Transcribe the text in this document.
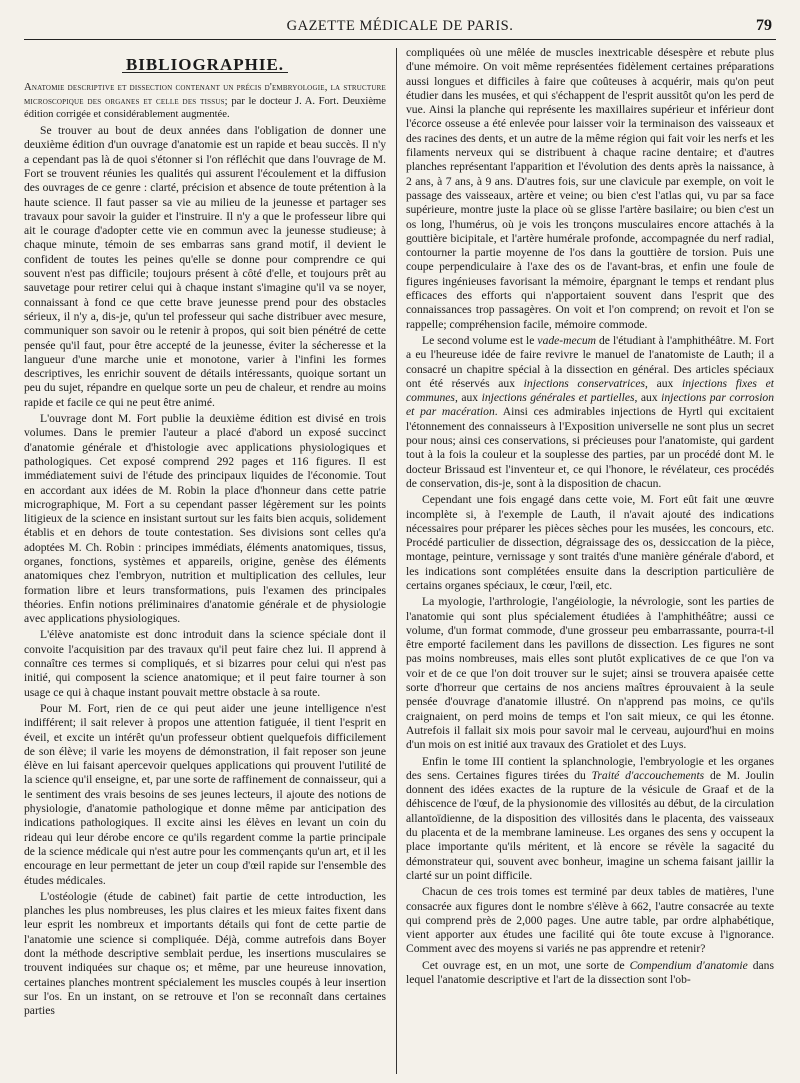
GAZETTE MÉDICALE DE PARIS.	79
BIBLIOGRAPHIE.

Anatomie descriptive et dissection contenant un précis d'embryologie, la structure microscopique des organes et celle des tissus; par le docteur J. A. Fort. Deuxième édition corrigée et considérablement augmentée.

Se trouver au bout de deux années dans l'obligation de donner une deuxième édition d'un ouvrage d'anatomie est un rapide et beau succès. Il n'y a cependant pas là de quoi s'étonner si l'on réfléchit que dans l'ouvrage de M. Fort se trouvent réunies les qualités qui assurent l'écoulement et la diffusion des ouvrages de ce genre : clarté, précision et absence de toute prétention à la haute science. Il faut passer sa vie au milieu de la jeunesse et partager ses travaux pour savoir la guider et l'instruire. Il n'y a que le professeur libre qui ait le courage d'adopter cette vie en commun avec la jeunesse studieuse; à chaque minute, témoin de ses embarras sans grand motif, il devient le confident de toutes les peines qu'elle se donne pour comprendre ce qui souvent n'est pas difficile; toujours présent à côté d'elle, et toujours prêt au sauvetage pour retirer celui qui à chaque instant s'imagine qu'il va se noyer, connaissant à fond ce que cette brave jeunesse prend pour des obstacles sérieux, il n'y a, dis-je, qu'un tel professeur qui sache distribuer avec mesure, communiquer son savoir ou le retenir à propos, qui soit bien pénétré de cette pensée qu'il faut, pour être accepté de la jeunesse, éviter la sécheresse et la langueur d'une marche unie et monotone, varier à l'infini les formes descriptives, les enrichir souvent de détails intéressants, quoique sortant un peu du sujet, répandre en quelque sorte un peu de chaleur, et rendre au moins rapide et facile ce qui ne peut être animé.

L'ouvrage dont M. Fort publie la deuxième édition est divisé en trois volumes. Dans le premier l'auteur a placé d'abord un exposé succinct d'anatomie générale et d'histologie avec applications physiologiques et pathologiques. Cet exposé comprend 292 pages et 116 figures. Il est immédiatement suivi de l'étude des principaux liquides de l'économie. Tout en accordant aux idées de M. Robin la place d'honneur dans cette patrie micrographique, M. Fort a su cependant passer légèrement sur les points litigieux de la science en insistant surtout sur les faits bien acquis, solidement établis et en dehors de toute contestation. Ses divisions sont celles qu'a adoptées M. Ch. Robin : principes immédiats, éléments anatomiques, tissus, organes, fonctions, systèmes et appareils, origine, genèse des éléments anatomiques chez l'embryon, nutrition et multiplication des cellules, leur formation libre et leurs transformations, puis l'examen des principales théories. Enfin notions préliminaires d'anatomie générale et de physiologie avec applications physiologiques.

L'élève anatomiste est donc introduit dans la science spéciale dont il convoite l'acquisition par des travaux qu'il peut faire chez lui. Il apprend à connaître ces termes si compliqués, et si bizarres pour celui qui n'est pas initié, qui composent la science anatomique; et il peut faire tourner à son usage ce qui à chaque instant pouvait mettre obstacle à sa route.

Pour M. Fort, rien de ce qui peut aider une jeune intelligence n'est indifférent; il sait relever à propos une attention fatiguée, il tient l'esprit en éveil, et excite un intérêt qu'un professeur obtient quelquefois difficilement de son élève; il varie les moyens de démonstration, il fait reposer son jeune élève en lui faisant apercevoir quelques applications qui prouvent l'utilité de la science qu'il enseigne, et, par une sorte de raffinement de connaisseur, qui a le sentiment des vrais besoins de ses jeunes lecteurs, il ajoute des notions de physiologie, d'anatomie pathologique et donne même par anticipation des indications pathologiques. Il excite ainsi les élèves en levant un coin du rideau qui leur dérobe encore ce qu'ils regardent comme la partie principale de la science médicale qui n'est autre pour les commençants qu'un art, et il les encourage en leur permettant de jeter un coup d'œil rapide sur l'ensemble des études médicales.

L'ostéologie (étude de cabinet) fait partie de cette introduction, les planches les plus nombreuses, les plus claires et les mieux faites fixent dans leur esprit les nombreux et importants détails qui font de cette partie de l'anatomie une science si compliquée. Déjà, comme autrefois dans Boyer dont la méthode descriptive semblait perdue, les insertions musculaires se trouvent indiquées sur chaque os; et même, par une heureuse innovation, certaines planches montrent spécialement les muscles coupés à leur insertion sur l'os. En un instant, on se retrouve et l'on se reconnaît dans certaines parties

compliquées où une mêlée de muscles inextricable désespère et rebute plus d'une mémoire. On voit même représentées fidèlement certaines préparations aussi longues et difficiles à faire que coûteuses à acquérir, mais qu'on peut étudier dans les musées, et qui s'échappent de l'esprit aussitôt qu'on les perd de vue. Ainsi la planche qui représente les maxillaires supérieur et inférieur dont l'écorce osseuse a été enlevée pour laisser voir la terminaison des vaisseaux et des racines des dents, et un autre de la même région qui fait voir les nerfs et les filaments nerveux qui se distribuent à chaque racine dentaire; et d'autres planches représentant l'apparition et l'évolution des dents après la naissance, à 2 ans, à 7 ans, à 9 ans. D'autres fois, sur une clavicule par exemple, on voit le passage des vaisseaux, artère et veine; ou bien c'est l'atlas qui, vu par sa face supérieure, montre juste la place où se glisse l'artère basilaire; ou bien c'est un os long, l'humérus, où je vois les tronçons musculaires encore attachés à la gouttière bicipitale, et l'artère humérale profonde, accompagnée du nerf radial, contourner la partie moyenne de l'os dans la gouttière de torsion. Puis une coupe perpendiculaire à l'axe des os de l'avant-bras, et enfin une foule de figures ingénieuses favorisant la mémoire, épargnant le temps et rendant plus efficaces des efforts qui n'apportaient souvent dans l'esprit que des connaissances trop passagères. On voit et l'on comprend; on revoit et l'on se rappelle; compréhension facile, mémoire commode.

Le second volume est le vade-mecum de l'étudiant à l'amphithéâtre. M. Fort a eu l'heureuse idée de faire revivre le manuel de l'anatomiste de Lauth; il a consacré un chapitre spécial à la dissection en général. Des articles spéciaux ont été réservés aux injections conservatrices, aux injections fixes et communes, aux injections générales et partielles, aux injections par corrosion et par macération. Ainsi ces admirables injections de Hyrtl qui excitaient l'étonnement des connaisseurs à l'Exposition universelle ne sont plus un secret pour nous; ainsi ces conservations, si précieuses pour l'anatomiste, qui gardent tout à la fois la couleur et la souplesse des parties, par un procédé dont M. le docteur Brissaud est l'inventeur et, ce qui l'honore, le révélateur, ces procédés de conservation, dis-je, sont à la disposition de chacun.

Cependant une fois engagé dans cette voie, M. Fort eût fait une œuvre incomplète si, à l'exemple de Lauth, il n'avait ajouté des indications nécessaires pour préparer les pièces sèches pour les musées, les concours, etc. Procédé particulier de dissection, dégraissage des os, dessiccation de la pièce, montage, peinture, vernissage y sont traités d'une manière générale d'abord, et les indications sont complétées ensuite dans la description particulière de certains organes spéciaux, le cœur, l'œil, etc.

La myologie, l'arthrologie, l'angéiologie, la névrologie, sont les parties de l'anatomie qui sont plus spécialement étudiées à l'amphithéâtre; aussi ce volume, d'un format commode, d'une grosseur peu embarrassante, pourra-t-il être emporté facilement dans les pavillons de dissection. Les figures ne sont pas moins nombreuses, mais elles sont plutôt explicatives de ce que l'on va voir et de ce que l'on doit trouver sur le sujet; ainsi se trouvera apaisée cette sorte d'horreur que certains de nos anciens maîtres éprouvaient à la seule pensée d'ouvrage d'anatomie illustré. On n'apprend pas moins, ce qu'ils craignaient, on perd moins de temps et l'on sait mieux, ce qui les étonne. Autrefois il fallait six mois pour savoir mal le cerveau, aujourd'hui en moins d'un mois on est initié aux travaux des Gratiolet et des Luys.

Enfin le tome III contient la splanchnologie, l'embryologie et les organes des sens. Certaines figures tirées du Traité d'accouchements de M. Joulin donnent des idées exactes de la rupture de la vésicule de Graaf et de la déhiscence de l'œuf, de la physionomie des villosités au début, de la circulation allantoïdienne, de la disposition des villosités dans le placenta, des vaisseaux du placenta et de la membrane lamineuse. Les organes des sens y occupent la place importante qu'ils méritent, et là encore se révèle la sagacité du démonstrateur qui, souvent avec bonheur, imagine un schema faisant jaillir la clarté sur un point difficile.

Chacun de ces trois tomes est terminé par deux tables de matières, l'une consacrée aux figures dont le nombre s'élève à 662, l'autre consacrée au texte qui comprend près de 2,000 pages. Une autre table, par ordre alphabétique, vient apporter aux études une facilité qui ôte toute excuse à l'ignorance. Comment avec des moyens si variés ne pas apprendre et retenir?

Cet ouvrage est, en un mot, une sorte de Compendium d'anatomie dans lequel l'anatomie descriptive et l'art de la dissection sont l'ob-
